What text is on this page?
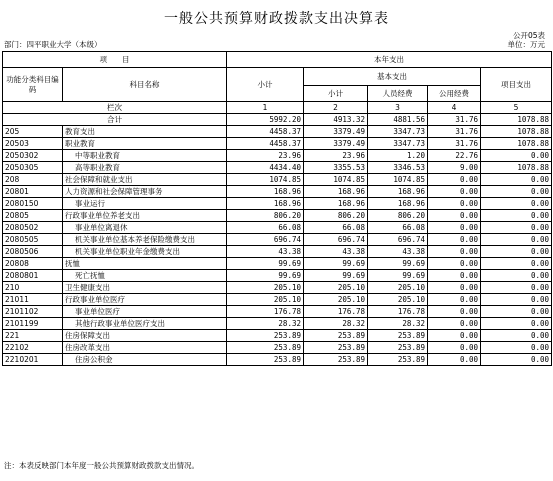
一般公共预算财政拨款支出决算表
公开05表
部门：四平职业大学（本级）	单位：万元
项　　目		本年支出				
功能分类科目编码	科目名称	小计	基本支出			项目支出
			小计	人员经费	公用经费	
栏次		1	2	3	4	5
合计		5992.20	4913.32	4881.56	31.76	1078.88
205	教育支出	4458.37	3379.49	3347.73	31.76	1078.88
20503	职业教育	4458.37	3379.49	3347.73	31.76	1078.88
2050302	中等职业教育	23.96	23.96	1.20	22.76	0.00
2050305	高等职业教育	4434.40	3355.53	3346.53	9.00	1078.88
208	社会保障和就业支出	1074.85	1074.85	1074.85	0.00	0.00
20801	人力资源和社会保障管理事务	168.96	168.96	168.96	0.00	0.00
2080150	事业运行	168.96	168.96	168.96	0.00	0.00
20805	行政事业单位养老支出	806.20	806.20	806.20	0.00	0.00
2080502	事业单位离退休	66.08	66.08	66.08	0.00	0.00
2080505	机关事业单位基本养老保险缴费支出	696.74	696.74	696.74	0.00	0.00
2080506	机关事业单位职业年金缴费支出	43.38	43.38	43.38	0.00	0.00
20808	抚恤	99.69	99.69	99.69	0.00	0.00
2080801	死亡抚恤	99.69	99.69	99.69	0.00	0.00
210	卫生健康支出	205.10	205.10	205.10	0.00	0.00
21011	行政事业单位医疗	205.10	205.10	205.10	0.00	0.00
2101102	事业单位医疗	176.78	176.78	176.78	0.00	0.00
2101199	其他行政事业单位医疗支出	28.32	28.32	28.32	0.00	0.00
221	住房保障支出	253.89	253.89	253.89	0.00	0.00
22102	住房改革支出	253.89	253.89	253.89	0.00	0.00
2210201	住房公积金	253.89	253.89	253.89	0.00	0.00
注：本表反映部门本年度一般公共预算财政拨款支出情况。
